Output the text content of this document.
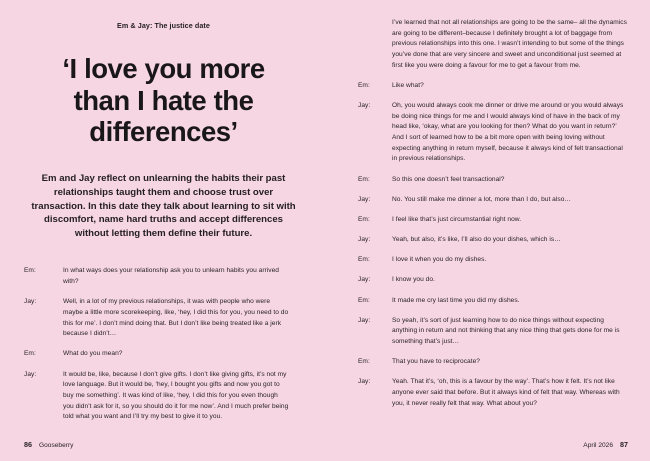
Em & Jay: The justice date
‘I love you more than I hate the differences’

Em and Jay reflect on unlearning the habits their past relationships taught them and choose trust over transaction. In this date they talk about learning to sit with discomfort, name hard truths and accept differences without letting them define their future.

Em:	In what ways does your relationship ask you to unlearn habits you arrived with?
Jay:	Well, in a lot of my previous relationships, it was with people who were maybe a little more scorekeeping, like, ‘hey, I did this for you, you need to do this for me’. I don’t mind doing that. But I don’t like being treated like a jerk because I didn’t…
Em:	What do you mean?
Jay:	It would be, like, because I don’t give gifts. I don’t like giving gifts, it’s not my love language. But it would be, ‘hey, I bought you gifts and now you got to buy me something’. It was kind of like, ‘hey, I did this for you even though you didn’t ask for it, so you should do it for me now’. And I much prefer being told what you want and I’ll try my best to give it to you.
86 Gooseberry

I’ve learned that not all relationships are going to be the same– all the dynamics are going to be different–because I definitely brought a lot of baggage from previous relationships into this one. I wasn’t intending to but some of the things you’ve done that are very sincere and sweet and unconditional just seemed at first like you were doing a favour for me to get a favour from me.

Em:	Like what?
Jay:	Oh, you would always cook me dinner or drive me around or you would always be doing nice things for me and I would always kind of have in the back of my head like, ‘okay, what are you looking for then? What do you want in return?’ And I sort of learned how to be a bit more open with being loving without expecting anything in return myself, because it always kind of felt transactional in previous relationships.
Em:	So this one doesn’t feel transactional?
Jay:	No. You still make me dinner a lot, more than I do, but also…
Em:	I feel like that’s just circumstantial right now.
Jay:	Yeah, but also, it’s like, I’ll also do your dishes, which is…
Em:	I love it when you do my dishes.
Jay:	I know you do.
Em:	It made me cry last time you did my dishes.
Jay:	So yeah, it’s sort of just learning how to do nice things without expecting anything in return and not thinking that any nice thing that gets done for me is something that’s just…
Em:	That you have to reciprocate?
Jay:	Yeah. That it’s, ‘oh, this is a favour by the way’. That’s how it felt. It’s not like anyone ever said that before. But it always kind of felt that way. Whereas with you, it never really felt that way. What about you?
April 2026 87
